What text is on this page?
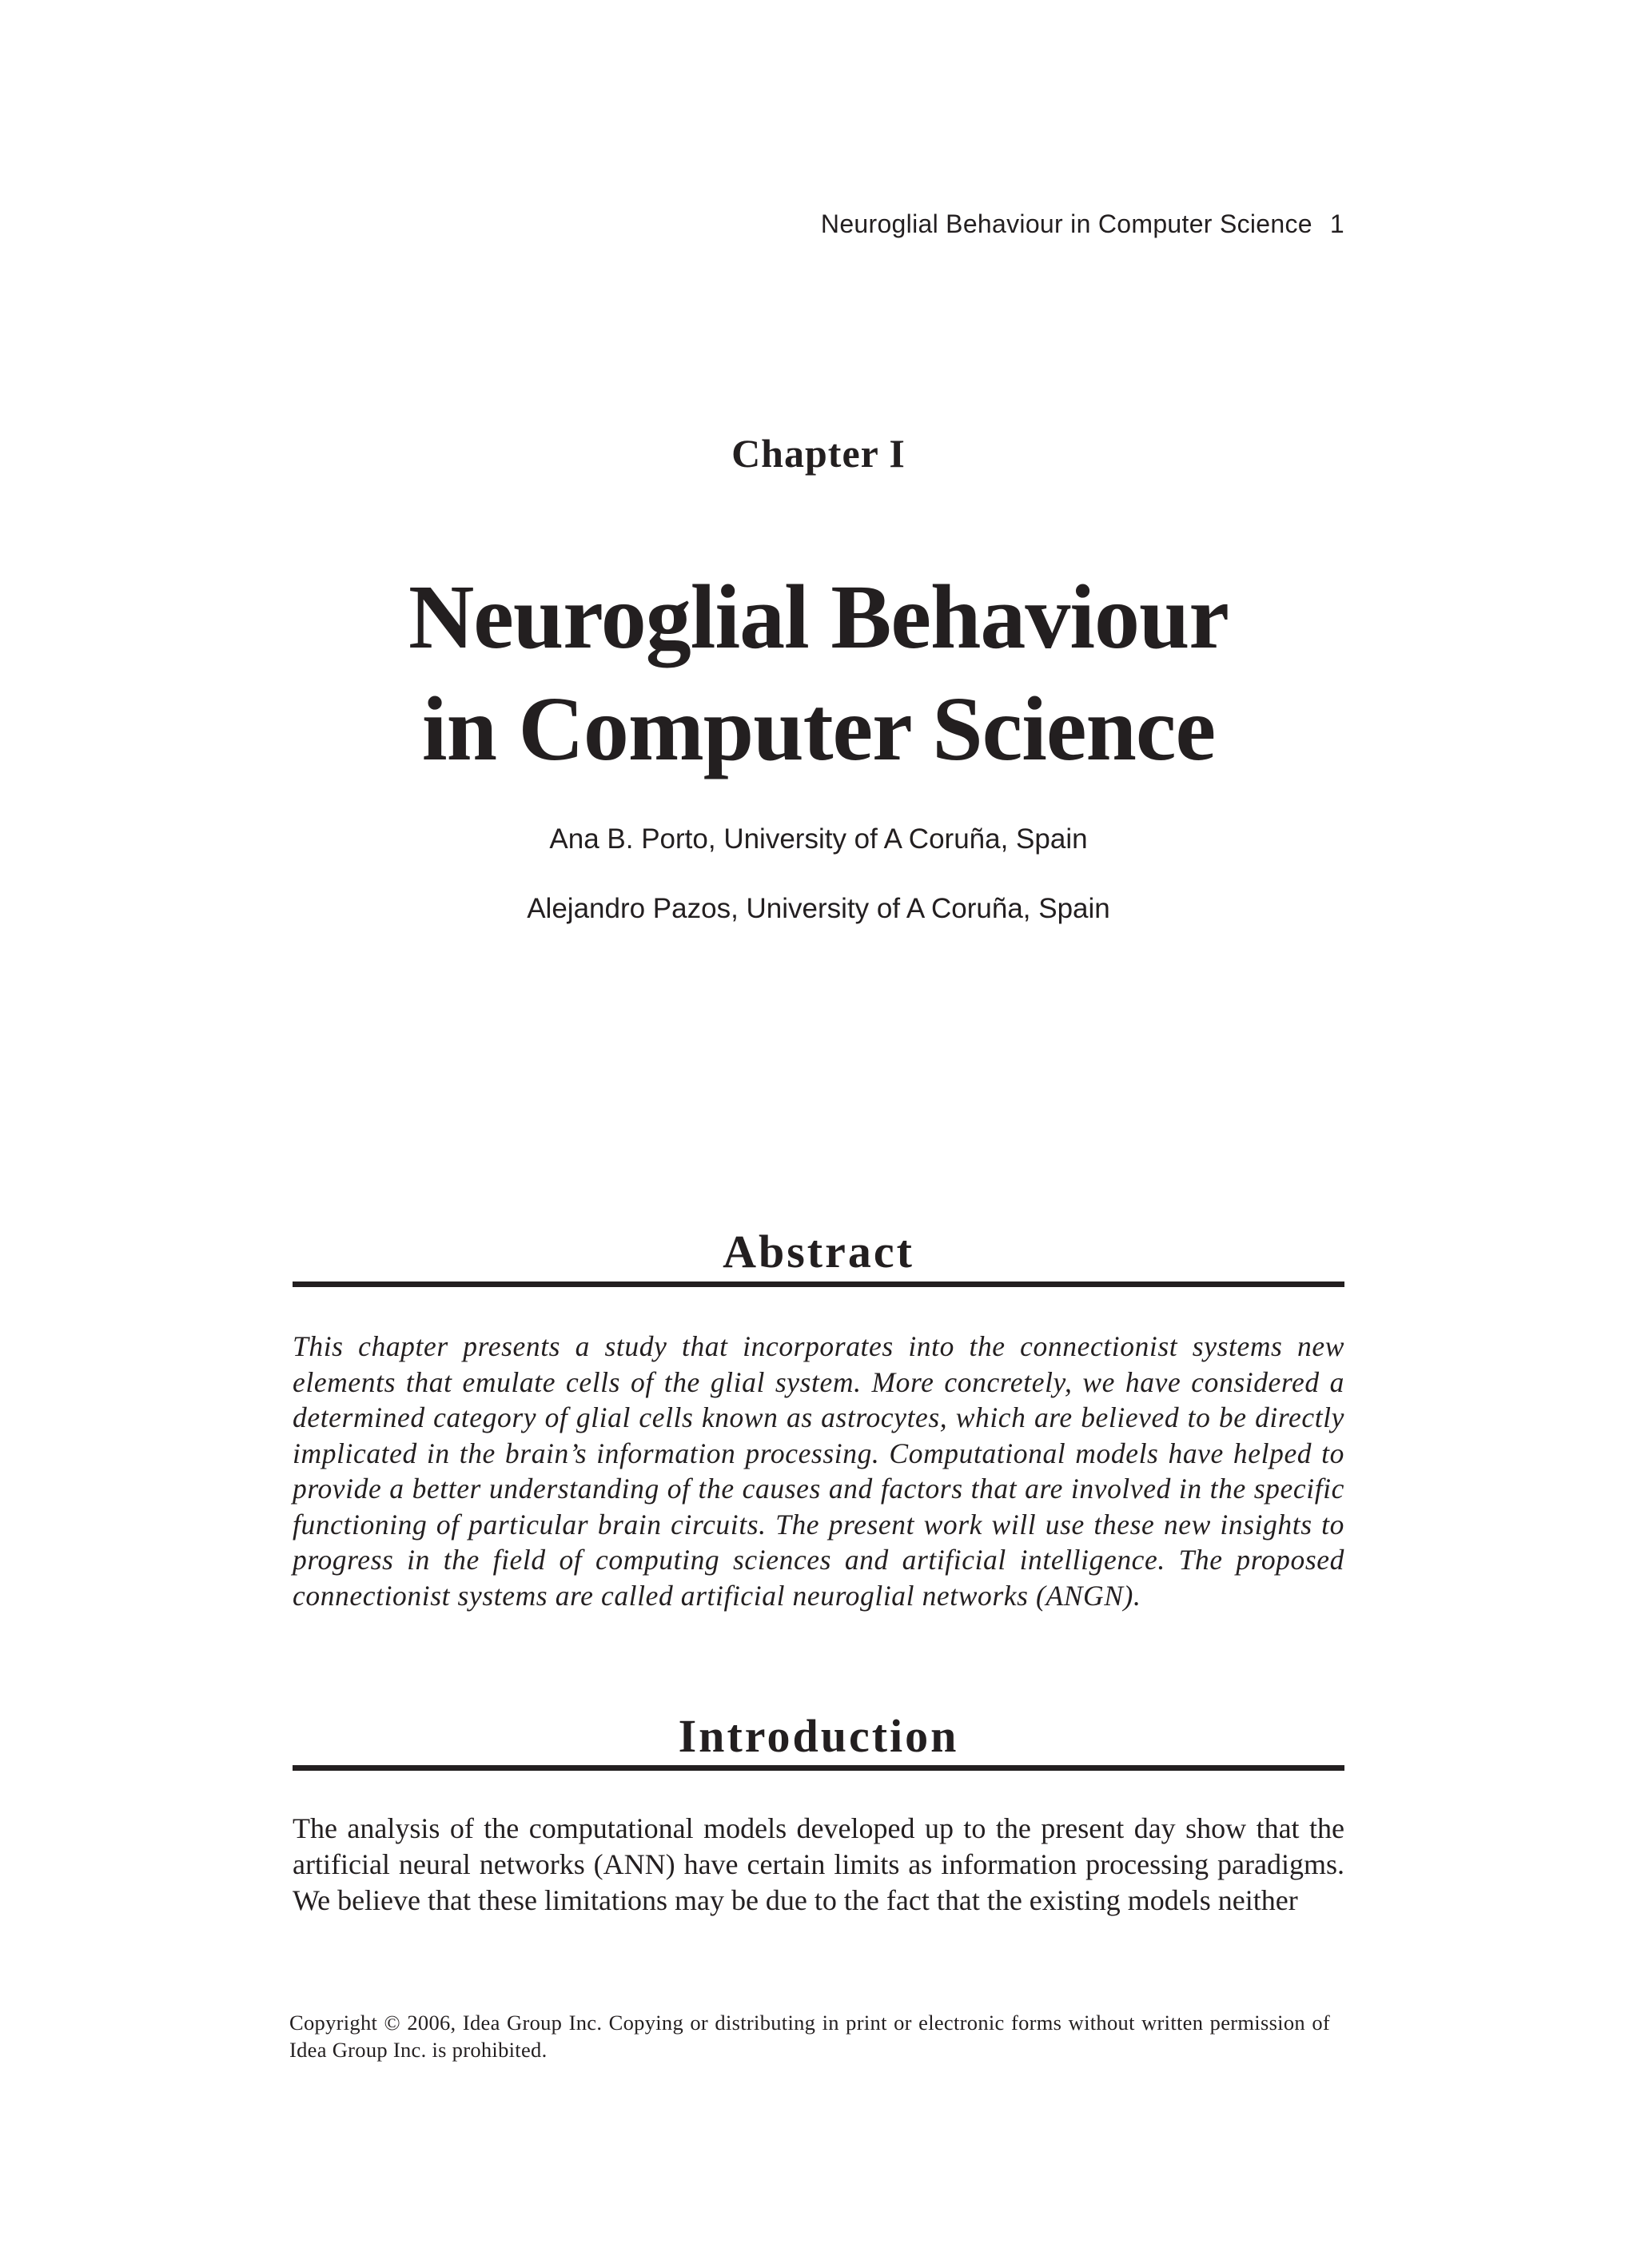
Neuroglial Behaviour in Computer Science 1
Chapter I
Neuroglial Behaviour
in Computer Science
Ana B. Porto, University of A Coruña, Spain
Alejandro Pazos, University of A Coruña, Spain
Abstract
This chapter presents a study that incorporates into the connectionist systems new elements that emulate cells of the glial system. More concretely, we have considered a determined category of glial cells known as astrocytes, which are believed to be directly implicated in the brain’s information processing. Computational models have helped to provide a better understanding of the causes and factors that are involved in the specific functioning of particular brain circuits. The present work will use these new insights to progress in the field of computing sciences and artificial intelligence. The proposed connectionist systems are called artificial neuroglial networks (ANGN).
Introduction
The analysis of the computational models developed up to the present day show that the artificial neural networks (ANN) have certain limits as information processing paradigms. We believe that these limitations may be due to the fact that the existing models neither
Copyright © 2006, Idea Group Inc. Copying or distributing in print or electronic forms without written permission of Idea Group Inc. is prohibited.
